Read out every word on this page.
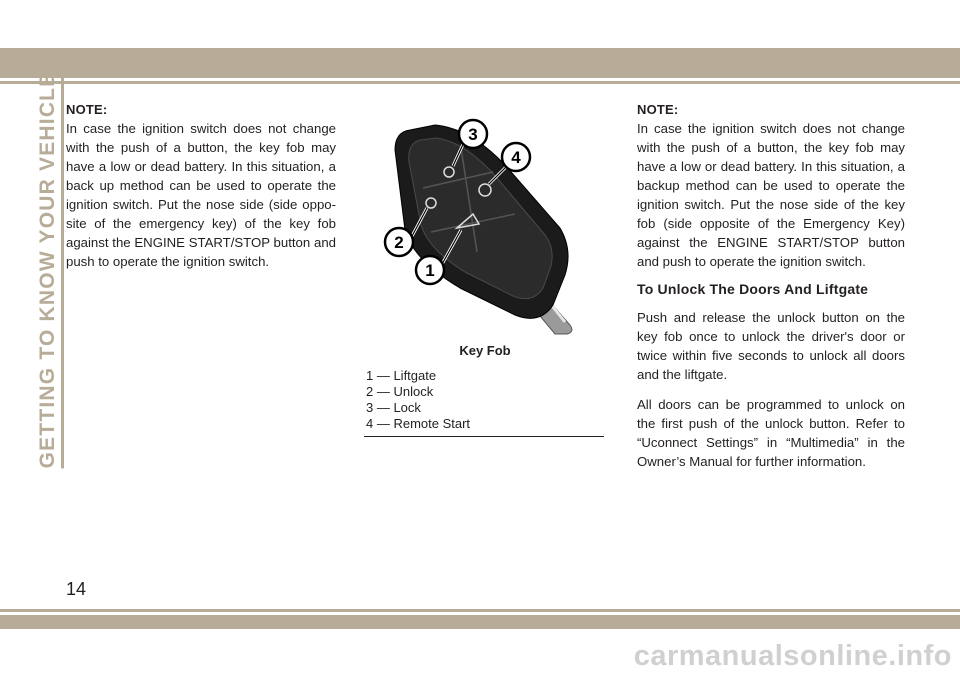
GETTING TO KNOW YOUR VEHICLE NOTE:

In case the ignition switch does not change with the push of a button, the key fob may have a low or dead battery. In this situation, a back up method can be used to operate the ignition switch. Put the nose side (side oppo-site of the emergency key) of the key fob against the ENGINE START/STOP button and push to operate the ignition switch.

3
4
2
1
Key Fob
1 — Liftgate
2 — Unlock
3 — Lock
4 — Remote Start
NOTE:

In case the ignition switch does not change with the push of a button, the key fob may have a low or dead battery. In this situation, a backup method can be used to operate the ignition switch. Put the nose side of the key fob (side opposite of the Emergency Key) against the ENGINE START/STOP button and push to operate the ignition switch.

To Unlock The Doors And Liftgate

Push and release the unlock button on the key fob once to unlock the driver's door or twice within five seconds to unlock all doors and the liftgate.

All doors can be programmed to unlock on the first push of the unlock button. Refer to “Uconnect Settings” in “Multimedia” in the Owner’s Manual for further information.

14
carmanualsonline.info
